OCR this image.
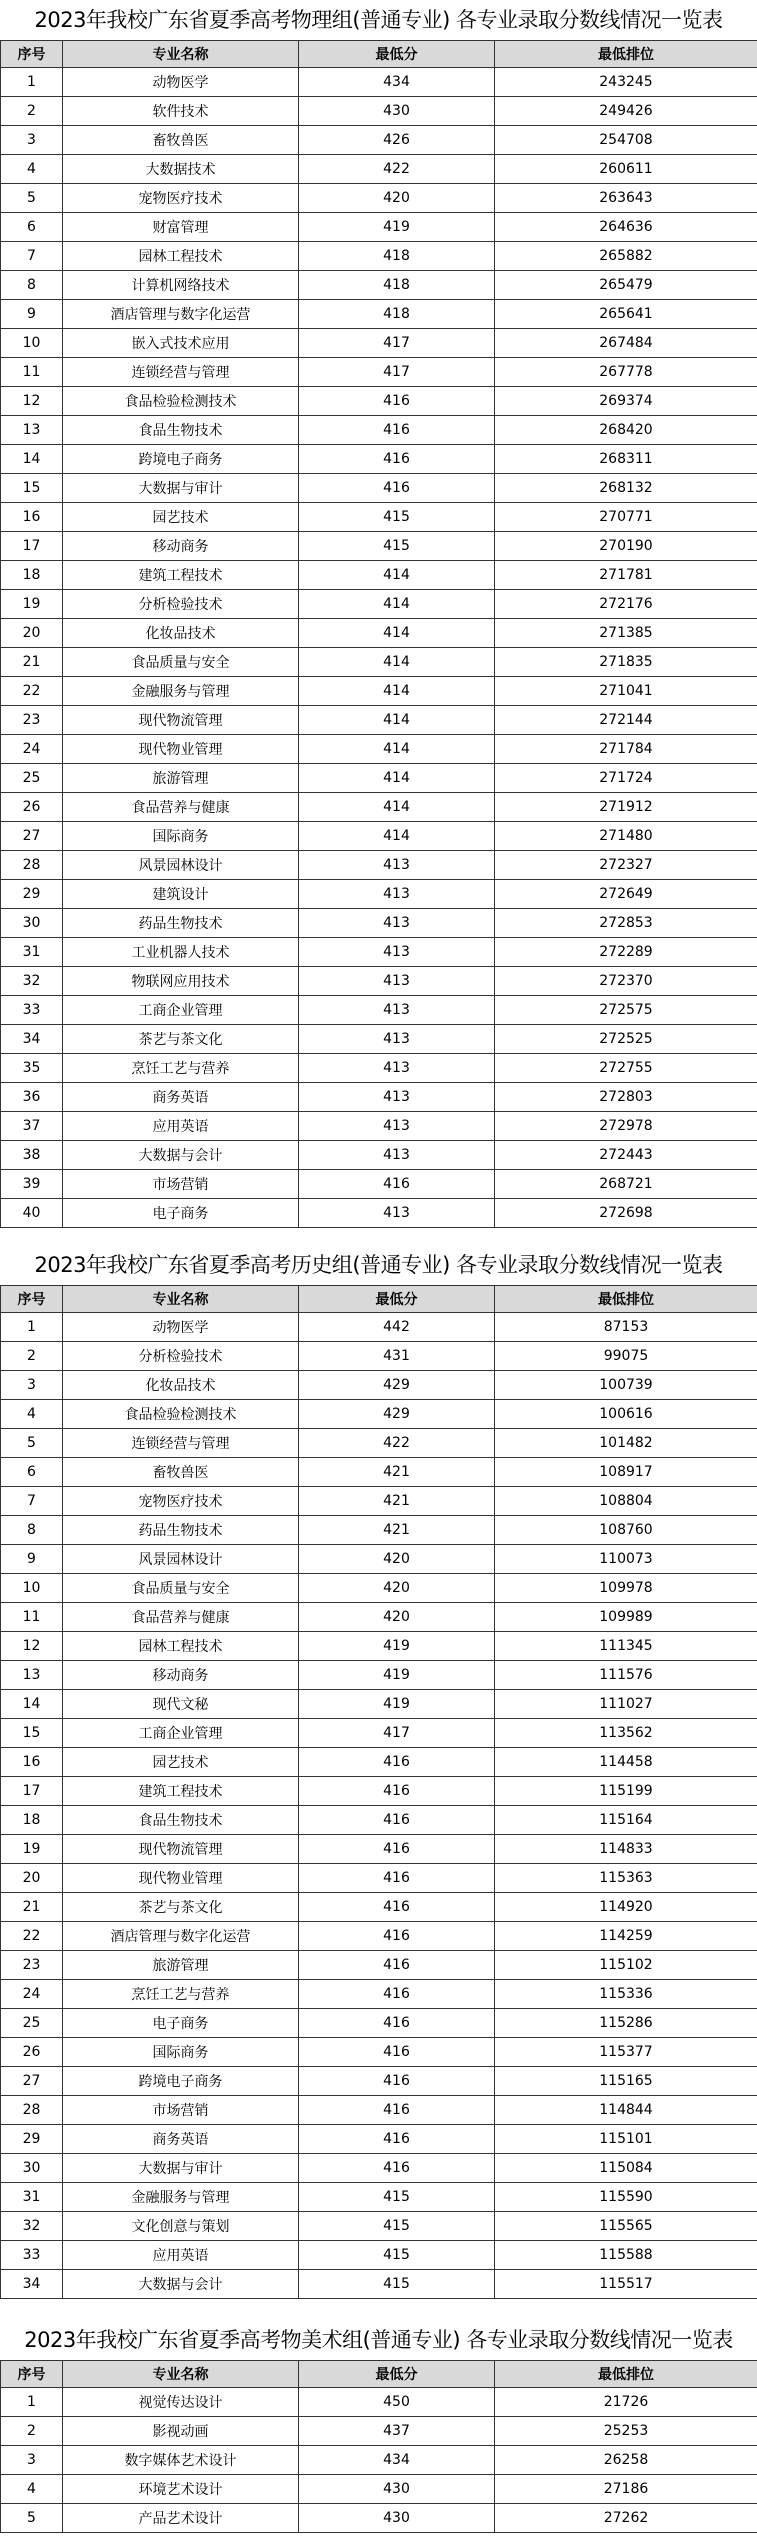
2023年我校广东省夏季高考物理组(普通专业) 各专业录取分数线情况一览表
序号	专业名称	最低分	最低排位
1	动物医学	434	243245
2	软件技术	430	249426
3	畜牧兽医	426	254708
4	大数据技术	422	260611
5	宠物医疗技术	420	263643
6	财富管理	419	264636
7	园林工程技术	418	265882
8	计算机网络技术	418	265479
9	酒店管理与数字化运营	418	265641
10	嵌入式技术应用	417	267484
11	连锁经营与管理	417	267778
12	食品检验检测技术	416	269374
13	食品生物技术	416	268420
14	跨境电子商务	416	268311
15	大数据与审计	416	268132
16	园艺技术	415	270771
17	移动商务	415	270190
18	建筑工程技术	414	271781
19	分析检验技术	414	272176
20	化妆品技术	414	271385
21	食品质量与安全	414	271835
22	金融服务与管理	414	271041
23	现代物流管理	414	272144
24	现代物业管理	414	271784
25	旅游管理	414	271724
26	食品营养与健康	414	271912
27	国际商务	414	271480
28	风景园林设计	413	272327
29	建筑设计	413	272649
30	药品生物技术	413	272853
31	工业机器人技术	413	272289
32	物联网应用技术	413	272370
33	工商企业管理	413	272575
34	茶艺与茶文化	413	272525
35	烹饪工艺与营养	413	272755
36	商务英语	413	272803
37	应用英语	413	272978
38	大数据与会计	413	272443
39	市场营销	416	268721
40	电子商务	413	272698
2023年我校广东省夏季高考历史组(普通专业) 各专业录取分数线情况一览表
序号	专业名称	最低分	最低排位
1	动物医学	442	87153
2	分析检验技术	431	99075
3	化妆品技术	429	100739
4	食品检验检测技术	429	100616
5	连锁经营与管理	422	101482
6	畜牧兽医	421	108917
7	宠物医疗技术	421	108804
8	药品生物技术	421	108760
9	风景园林设计	420	110073
10	食品质量与安全	420	109978
11	食品营养与健康	420	109989
12	园林工程技术	419	111345
13	移动商务	419	111576
14	现代文秘	419	111027
15	工商企业管理	417	113562
16	园艺技术	416	114458
17	建筑工程技术	416	115199
18	食品生物技术	416	115164
19	现代物流管理	416	114833
20	现代物业管理	416	115363
21	茶艺与茶文化	416	114920
22	酒店管理与数字化运营	416	114259
23	旅游管理	416	115102
24	烹饪工艺与营养	416	115336
25	电子商务	416	115286
26	国际商务	416	115377
27	跨境电子商务	416	115165
28	市场营销	416	114844
29	商务英语	416	115101
30	大数据与审计	416	115084
31	金融服务与管理	415	115590
32	文化创意与策划	415	115565
33	应用英语	415	115588
34	大数据与会计	415	115517
2023年我校广东省夏季高考物美术组(普通专业) 各专业录取分数线情况一览表
序号	专业名称	最低分	最低排位
1	视觉传达设计	450	21726
2	影视动画	437	25253
3	数字媒体艺术设计	434	26258
4	环境艺术设计	430	27186
5	产品艺术设计	430	27262
